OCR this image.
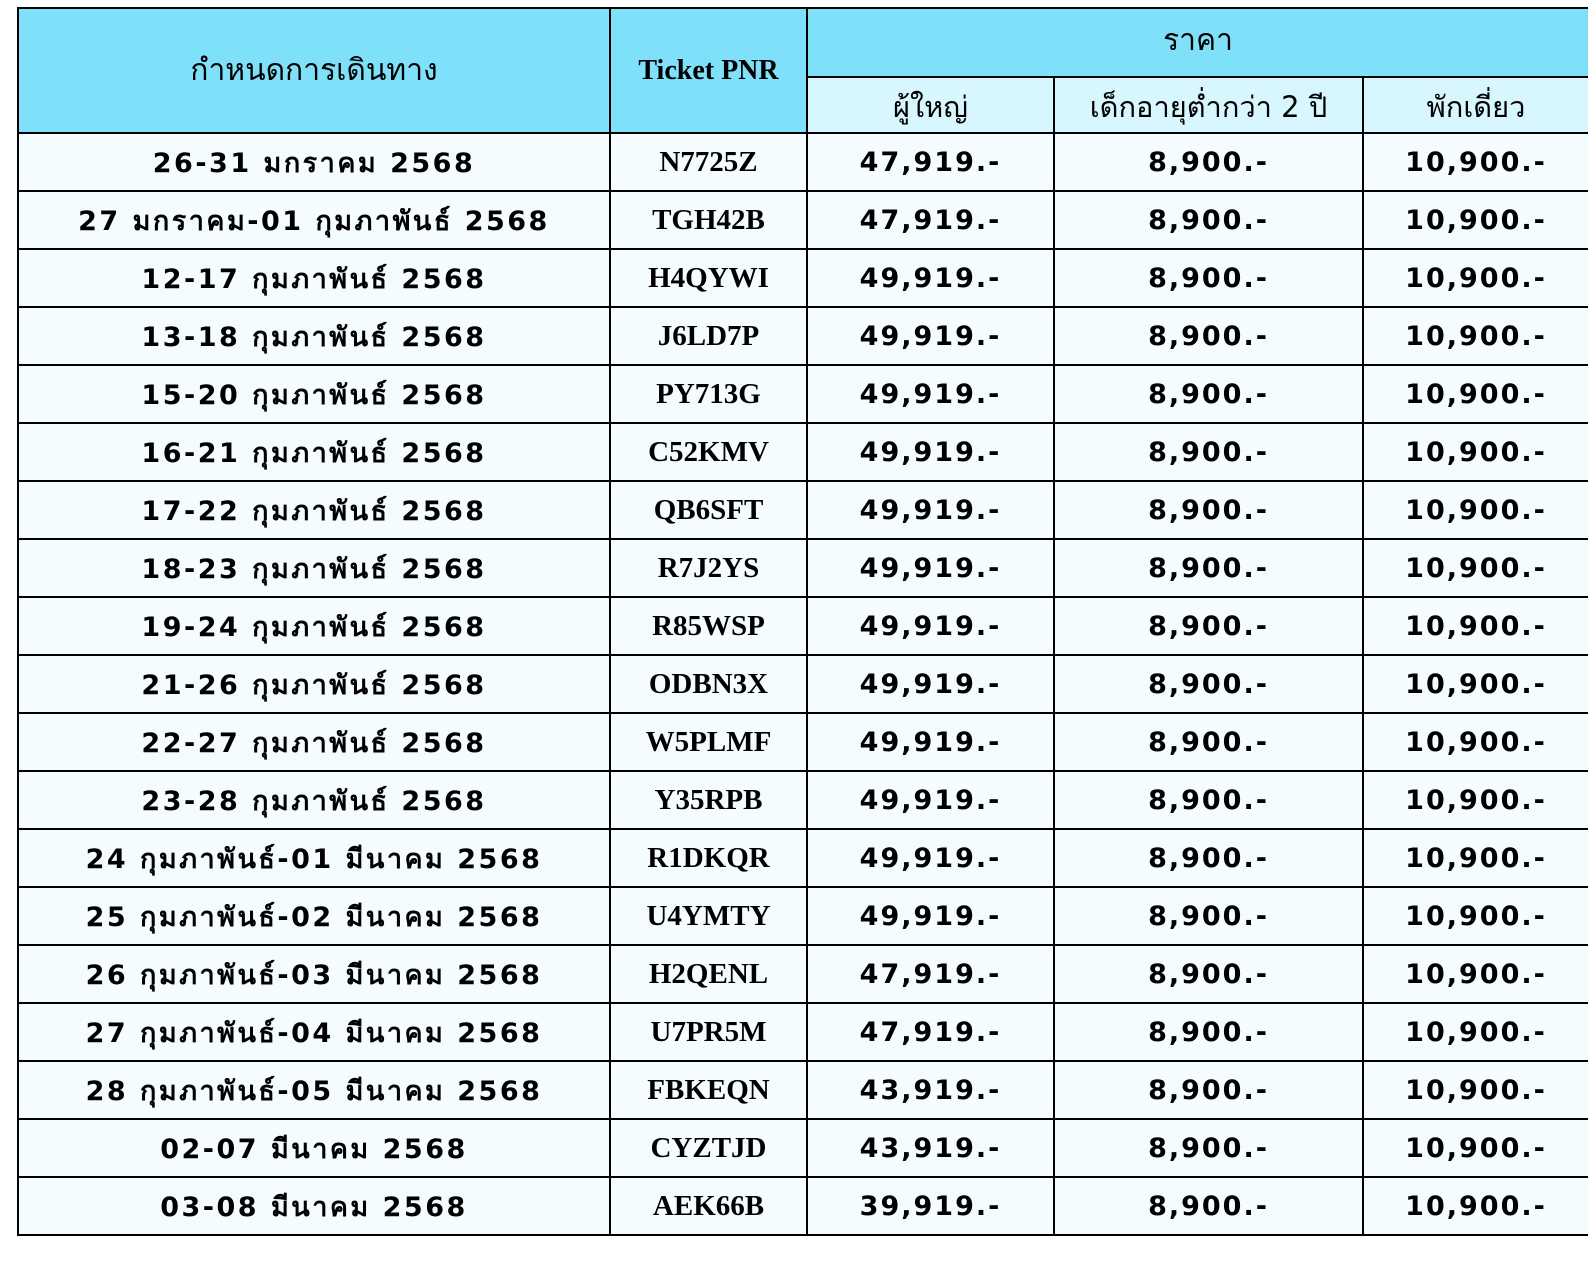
กำหนดการเดินทาง	Ticket PNR	ราคา		
		ผู้ใหญ่	เด็กอายุต่ำกว่า 2 ปี	พักเดี่ยว
26-31 มกราคม 2568	N7725Z	47,919.-	8,900.-	10,900.-
27 มกราคม-01 กุมภาพันธ์ 2568	TGH42B	47,919.-	8,900.-	10,900.-
12-17 กุมภาพันธ์ 2568	H4QYWI	49,919.-	8,900.-	10,900.-
13-18 กุมภาพันธ์ 2568	J6LD7P	49,919.-	8,900.-	10,900.-
15-20 กุมภาพันธ์ 2568	PY713G	49,919.-	8,900.-	10,900.-
16-21 กุมภาพันธ์ 2568	C52KMV	49,919.-	8,900.-	10,900.-
17-22 กุมภาพันธ์ 2568	QB6SFT	49,919.-	8,900.-	10,900.-
18-23 กุมภาพันธ์ 2568	R7J2YS	49,919.-	8,900.-	10,900.-
19-24 กุมภาพันธ์ 2568	R85WSP	49,919.-	8,900.-	10,900.-
21-26 กุมภาพันธ์ 2568	ODBN3X	49,919.-	8,900.-	10,900.-
22-27 กุมภาพันธ์ 2568	W5PLMF	49,919.-	8,900.-	10,900.-
23-28 กุมภาพันธ์ 2568	Y35RPB	49,919.-	8,900.-	10,900.-
24 กุมภาพันธ์-01 มีนาคม 2568	R1DKQR	49,919.-	8,900.-	10,900.-
25 กุมภาพันธ์-02 มีนาคม 2568	U4YMTY	49,919.-	8,900.-	10,900.-
26 กุมภาพันธ์-03 มีนาคม 2568	H2QENL	47,919.-	8,900.-	10,900.-
27 กุมภาพันธ์-04 มีนาคม 2568	U7PR5M	47,919.-	8,900.-	10,900.-
28 กุมภาพันธ์-05 มีนาคม 2568	FBKEQN	43,919.-	8,900.-	10,900.-
02-07 มีนาคม 2568	CYZTJD	43,919.-	8,900.-	10,900.-
03-08 มีนาคม 2568	AEK66B	39,919.-	8,900.-	10,900.-
